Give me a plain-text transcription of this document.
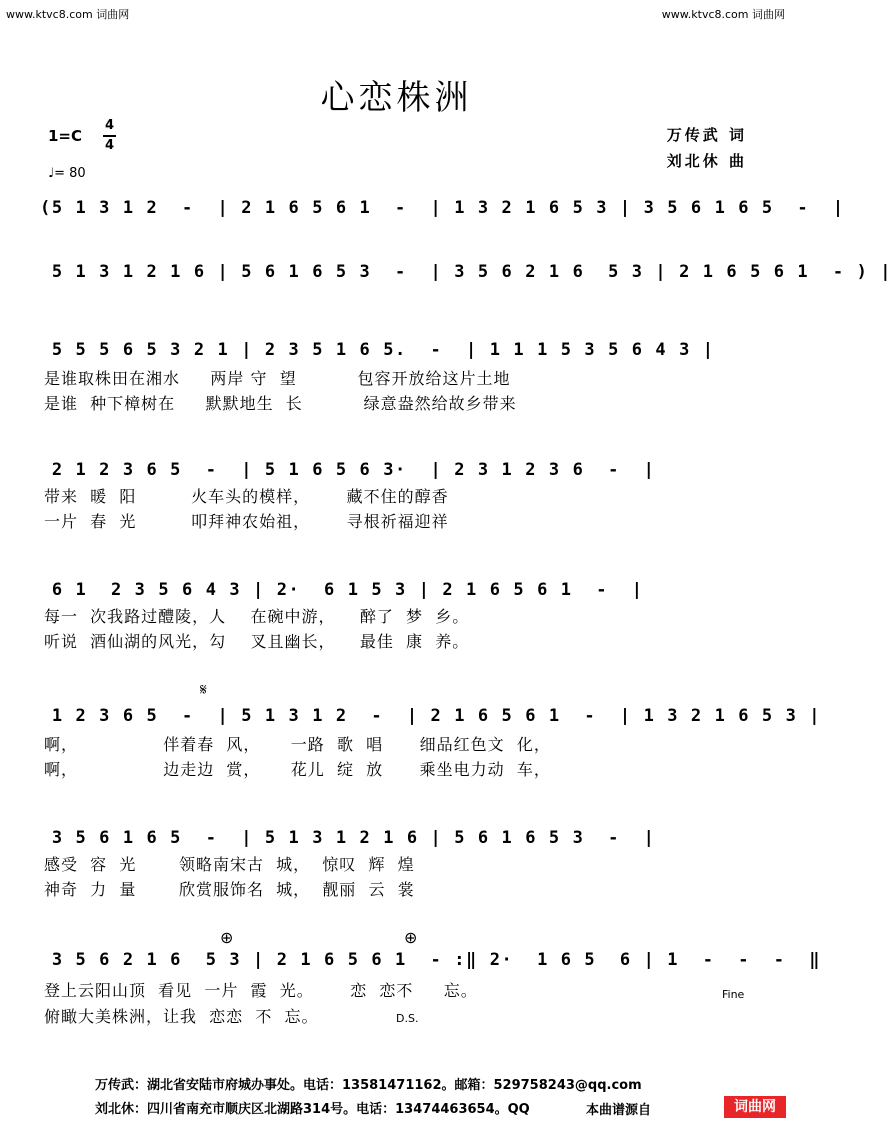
www.ktvc8.com 词曲网	www.ktvc8.com 词曲网
心恋株洲
1=C
4
4
♩= 80
万传武 词
刘北休 曲
(5 1 3 1 2  -  | 2 1 6 5 6 1  -  | 1 3 2 1 6 5 3 | 3 5 6 1 6 5  -  |
5 1 3 1 2 1 6 | 5 6 1 6 5 3  -  | 3 5 6 2 1 6  5 3 | 2 1 6 5 6 1  - ) |
5 5 5 6 5 3 2 1 | 2 3 5 1 6 5.  -  | 1 1 1 5 3 5 6 4 3 |
是谁取株田在湘水     两岸 守  望          包容开放给这片土地
是谁  种下樟树在     默默地生  长          绿意盎然给故乡带来
2 1 2 3 6 5  -  | 5 1 6 5 6 3·  | 2 3 1 2 3 6  -  |
带来  暖  阳         火车头的模样，      藏不住的醇香
一片  春  光         叩拜神农始祖，      寻根祈福迎祥
6 1  2 3 5 6 4 3 | 2·  6 1 5 3 | 2 1 6 5 6 1  -  |
每一  次我路过醴陵，人    在碗中游，    醉了  梦  乡。
听说  酒仙湖的风光，勾    叉且幽长，    最佳  康  养。
𝄋
1 2 3 6 5  -  | 5 1 3 1 2  -  | 2 1 6 5 6 1  -  | 1 3 2 1 6 5 3 |
啊，              伴着春  风，     一路  歌  唱      细品红色文  化，
啊，              边走边  赏，     花儿  绽  放      乘坐电力动  车，
3 5 6 1 6 5  -  | 5 1 3 1 2 1 6 | 5 6 1 6 5 3  -  |
感受  容  光       领略南宋古  城，  惊叹  辉  煌
神奇  力  量       欣赏服饰名  城，  靓丽  云  裳
⊕	⊕
3 5 6 2 1 6  5 3 | 2 1 6 5 6 1  - :‖ 2·  1 6 5  6 | 1  -  -  -  ‖
登上云阳山顶  看见  一片  霞  光。      恋  恋不     忘。	Fine
俯瞰大美株洲，让我  恋恋  不  忘。	D.S.
万传武：湖北省安陆市府城办事处。电话：13581471162。邮箱：529758243@qq.com
刘北休：四川省南充市顺庆区北湖路314号。电话：13474463654。QQ	本曲谱源自	词曲网
